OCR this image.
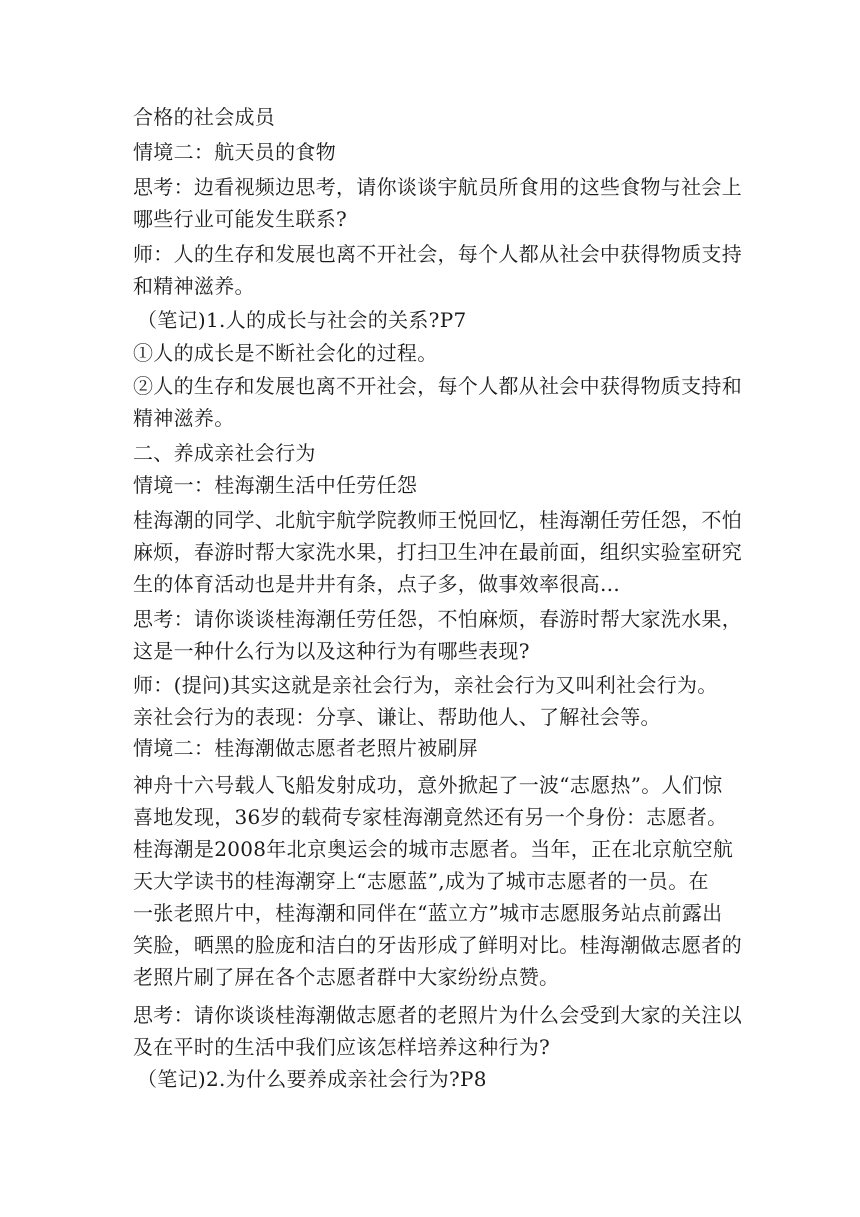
合格的社会成员

情境二：航天员的食物

思考：边看视频边思考，请你谈谈宇航员所食用的这些食物与社会上

哪些行业可能发生联系?

师：人的生存和发展也离不开社会，每个人都从社会中获得物质支持

和精神滋养。

（笔记)1.人的成长与社会的关系?P7

①人的成长是不断社会化的过程。

②人的生存和发展也离不开社会，每个人都从社会中获得物质支持和

精神滋养。

二、养成亲社会行为

情境一：桂海潮生活中任劳任怨

桂海潮的同学、北航宇航学院教师王悦回忆，桂海潮任劳任怨，不怕

麻烦，春游时帮大家洗水果，打扫卫生冲在最前面，组织实验室研究

生的体育活动也是井井有条，点子多，做事效率很高…

思考：请你谈谈桂海潮任劳任怨，不怕麻烦，春游时帮大家洗水果，

这是一种什么行为以及这种行为有哪些表现?

师：(提问)其实这就是亲社会行为，亲社会行为又叫利社会行为。

亲社会行为的表现：分享、谦让、帮助他人、了解社会等。

情境二：桂海潮做志愿者老照片被刷屏

神舟十六号载人飞船发射成功，意外掀起了一波“志愿热”。人们惊

喜地发现，36岁的载荷专家桂海潮竟然还有另一个身份：志愿者。

桂海潮是2008年北京奥运会的城市志愿者。当年，正在北京航空航

天大学读书的桂海潮穿上“志愿蓝”,成为了城市志愿者的一员。在

一张老照片中，桂海潮和同伴在“蓝立方”城市志愿服务站点前露出

笑脸，晒黑的脸庞和洁白的牙齿形成了鲜明对比。桂海潮做志愿者的

老照片刷了屏在各个志愿者群中大家纷纷点赞。

思考：请你谈谈桂海潮做志愿者的老照片为什么会受到大家的关注以

及在平时的生活中我们应该怎样培养这种行为?

（笔记)2.为什么要养成亲社会行为?P8
